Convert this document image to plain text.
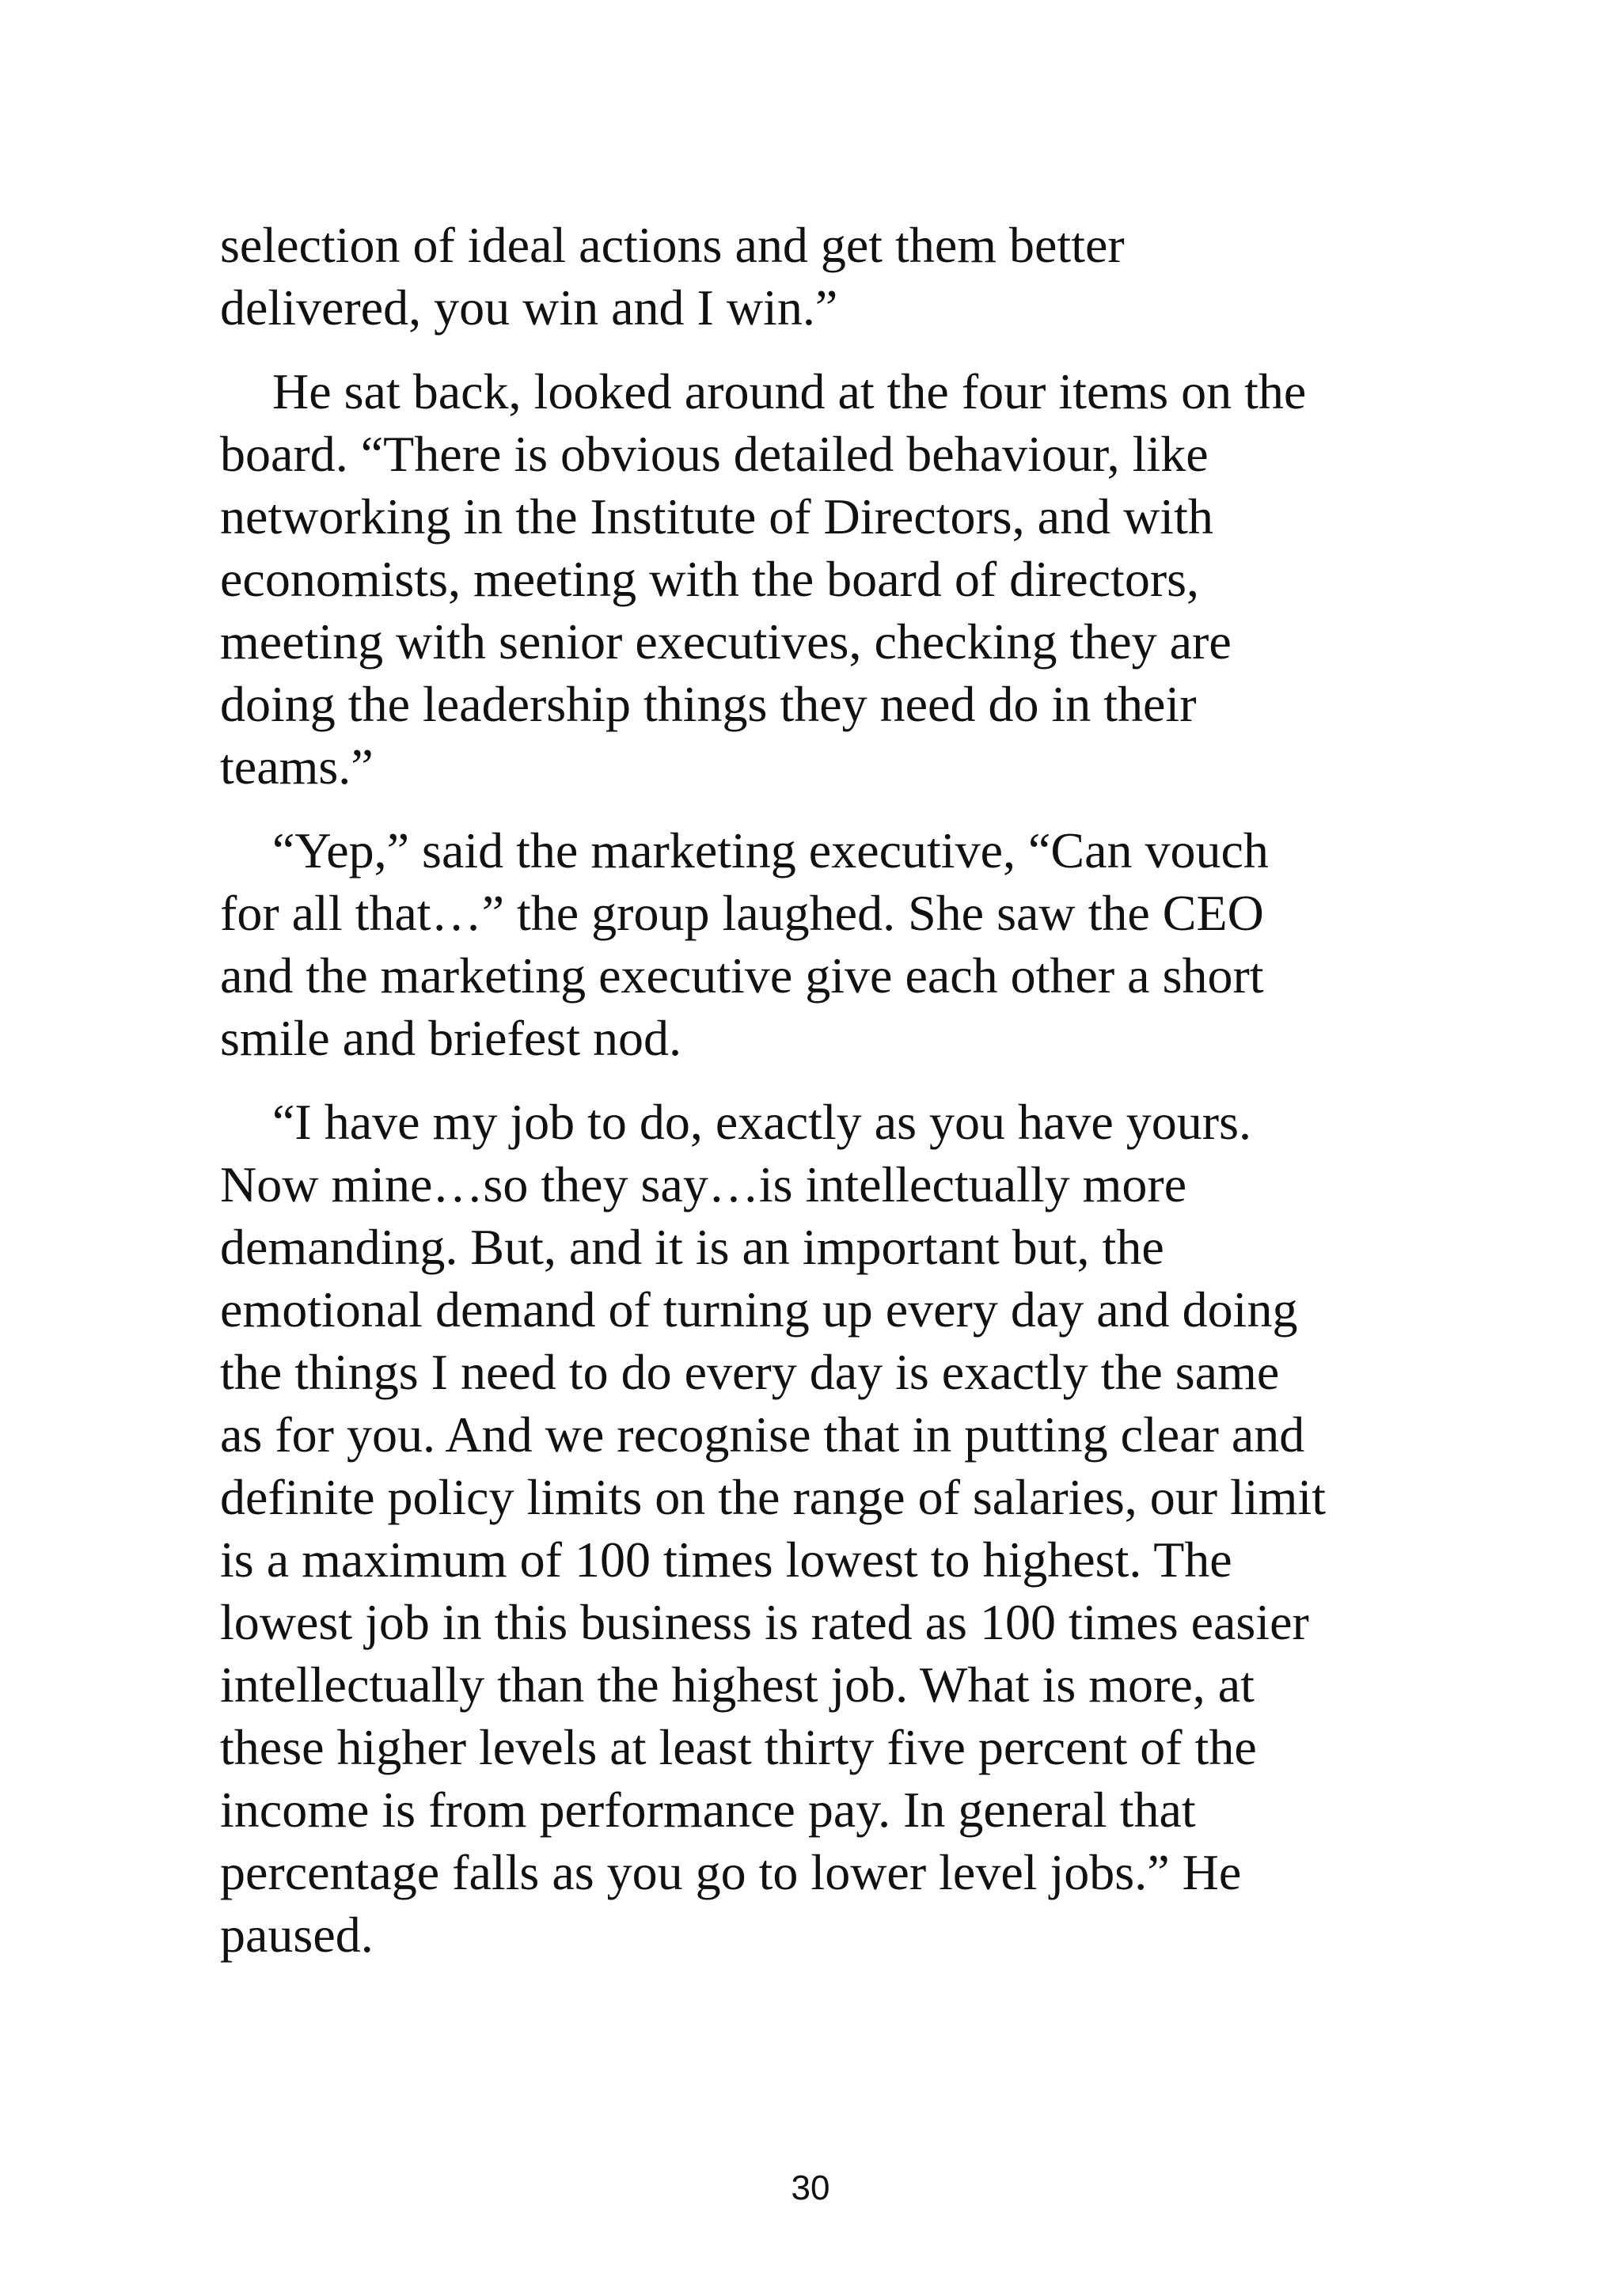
selection of ideal actions and get them better
delivered, you win and I win.”
He sat back, looked around at the four items on the
board. “There is obvious detailed behaviour, like
networking in the Institute of Directors, and with
economists, meeting with the board of directors,
meeting with senior executives, checking they are
doing the leadership things they need do in their
teams.”
“Yep,” said the marketing executive, “Can vouch
for all that…” the group laughed. She saw the CEO
and the marketing executive give each other a short
smile and briefest nod.
“I have my job to do, exactly as you have yours.
Now mine…so they say…is intellectually more
demanding. But, and it is an important but, the
emotional demand of turning up every day and doing
the things I need to do every day is exactly the same
as for you. And we recognise that in putting clear and
definite policy limits on the range of salaries, our limit
is a maximum of 100 times lowest to highest. The
lowest job in this business is rated as 100 times easier
intellectually than the highest job. What is more, at
these higher levels at least thirty five percent of the
income is from performance pay. In general that
percentage falls as you go to lower level jobs.” He
paused.
30
